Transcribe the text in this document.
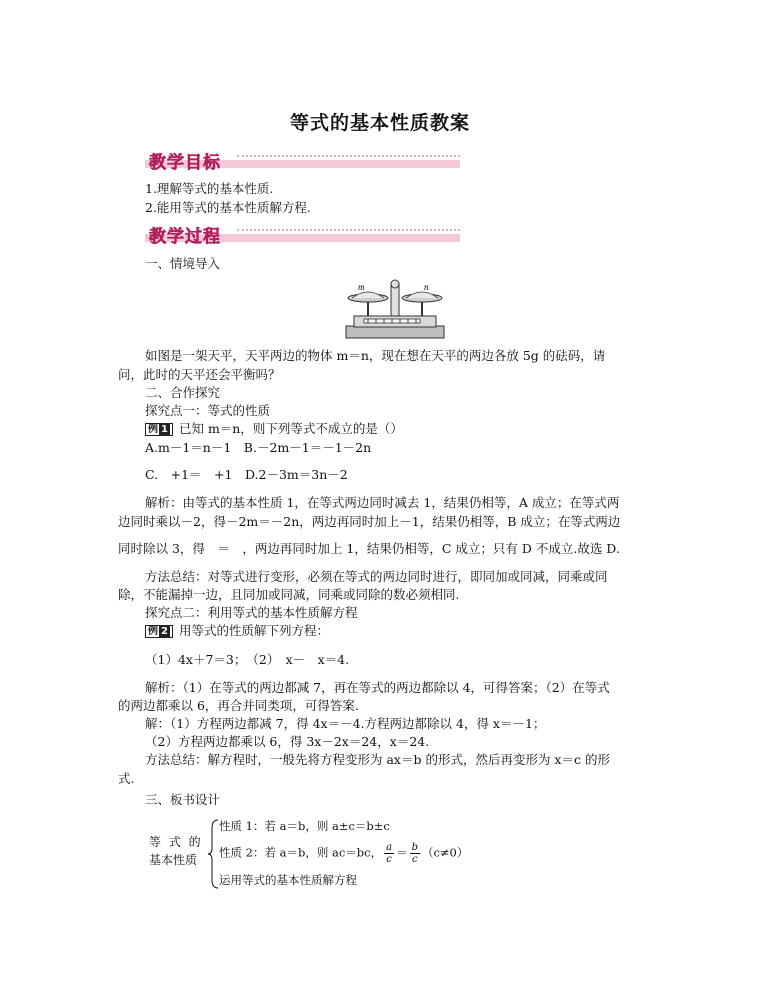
等式的基本性质教案
教学目标
1.理解等式的基本性质.
2.能用等式的基本性质解方程.
教学过程
一、情境导入
m	n
如图是一架天平，天平两边的物体 m＝n，现在想在天平的两边各放 5g 的砝码，请
问，此时的天平还会平衡吗？
二、合作探究
探究点一：等式的性质
例 1 已知 m＝n，则下列等式不成立的是（）
A.m－1＝n－1　B.－2m－1＝－1－2n
C.　+1＝　+1　D.2－3m＝3n－2
解析：由等式的基本性质 1，在等式两边同时减去 1，结果仍相等，A 成立；在等式两
边同时乘以－2，得－2m＝－2n，两边再同时加上－1，结果仍相等，B 成立；在等式两边
同时除以 3，得　＝　，两边再同时加上 1，结果仍相等，C 成立；只有 D 不成立.故选 D.
方法总结：对等式进行变形，必须在等式的两边同时进行，即同加或同减，同乘或同
除，不能漏掉一边，且同加或同减，同乘或同除的数必须相同.
探究点二：利用等式的基本性质解方程
例 2 用等式的性质解下列方程：
（1）4x＋7＝3；　（2）　x－　x＝4.
解析：（1）在等式的两边都减 7，再在等式的两边都除以 4，可得答案；（2）在等式
的两边都乘以 6，再合并同类项，可得答案.
解：（1）方程两边都减 7，得 4x＝－4.方程两边都除以 4，得 x＝－1；
（2）方程两边都乘以 6，得 3x－2x＝24，x＝24.
方法总结：解方程时，一般先将方程变形为 ax＝b 的形式，然后再变形为 x＝c 的形
式.
三、板书设计
等 式 的
基本性质
性质 1：若 a＝b，则 a±c＝b±c
性质 2：若 a＝b，则 ac＝bc， $\frac{a}{c} = \frac{b}{c} (c\ne 0)$
运用等式的基本性质解方程
